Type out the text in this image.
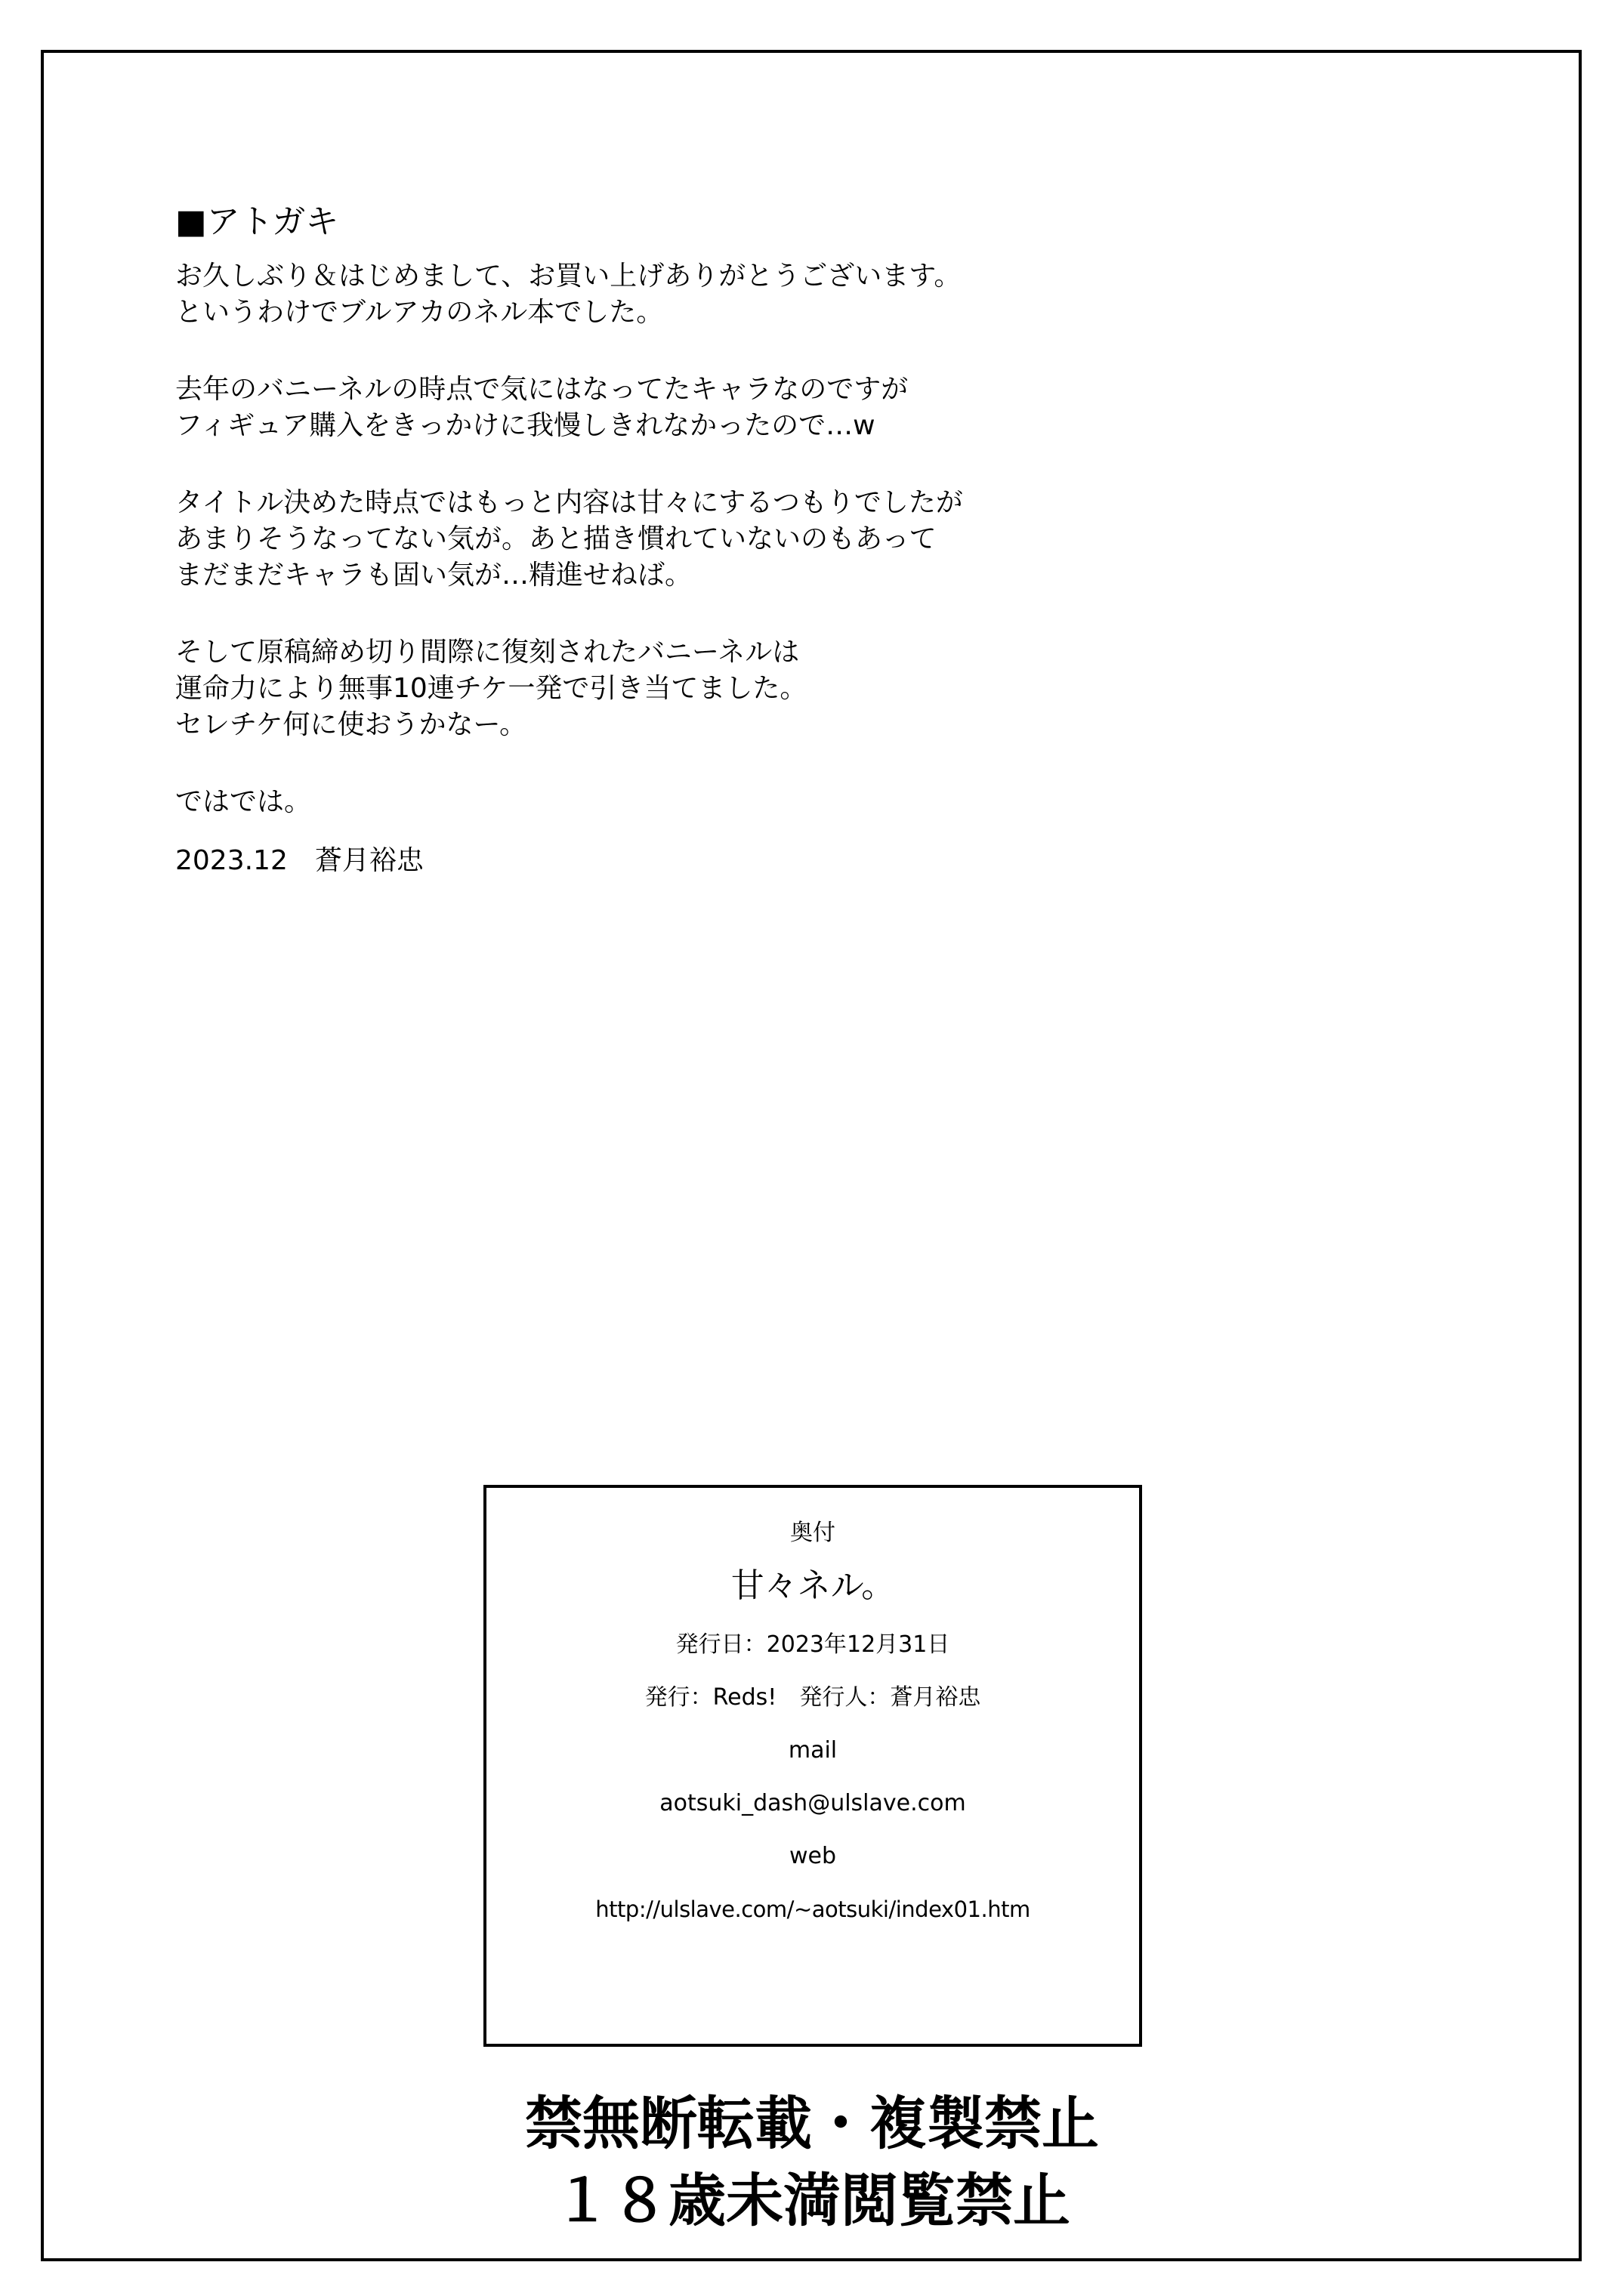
■アトガキ
お久しぶり＆はじめまして、お買い上げありがとうございます。
というわけでブルアカのネル本でした。
去年のバニーネルの時点で気にはなってたキャラなのですが
フィギュア購入をきっかけに我慢しきれなかったので…w
タイトル決めた時点ではもっと内容は甘々にするつもりでしたが
あまりそうなってない気が。あと描き慣れていないのもあって
まだまだキャラも固い気が…精進せねば。
そして原稿締め切り間際に復刻されたバニーネルは
運命力により無事10連チケ一発で引き当てました。
セレチケ何に使おうかなー。
ではでは。
2023.12　 蒼月裕忠
奥付
甘々ネル。
発行日：2023年12月31日
発行：Reds!　発行人：蒼月裕忠
mail
aotsuki_dash@ulslave.com
web
http://ulslave.com/~aotsuki/index01.htm
禁無断転載・複製禁止
１８歳未満閲覧禁止
